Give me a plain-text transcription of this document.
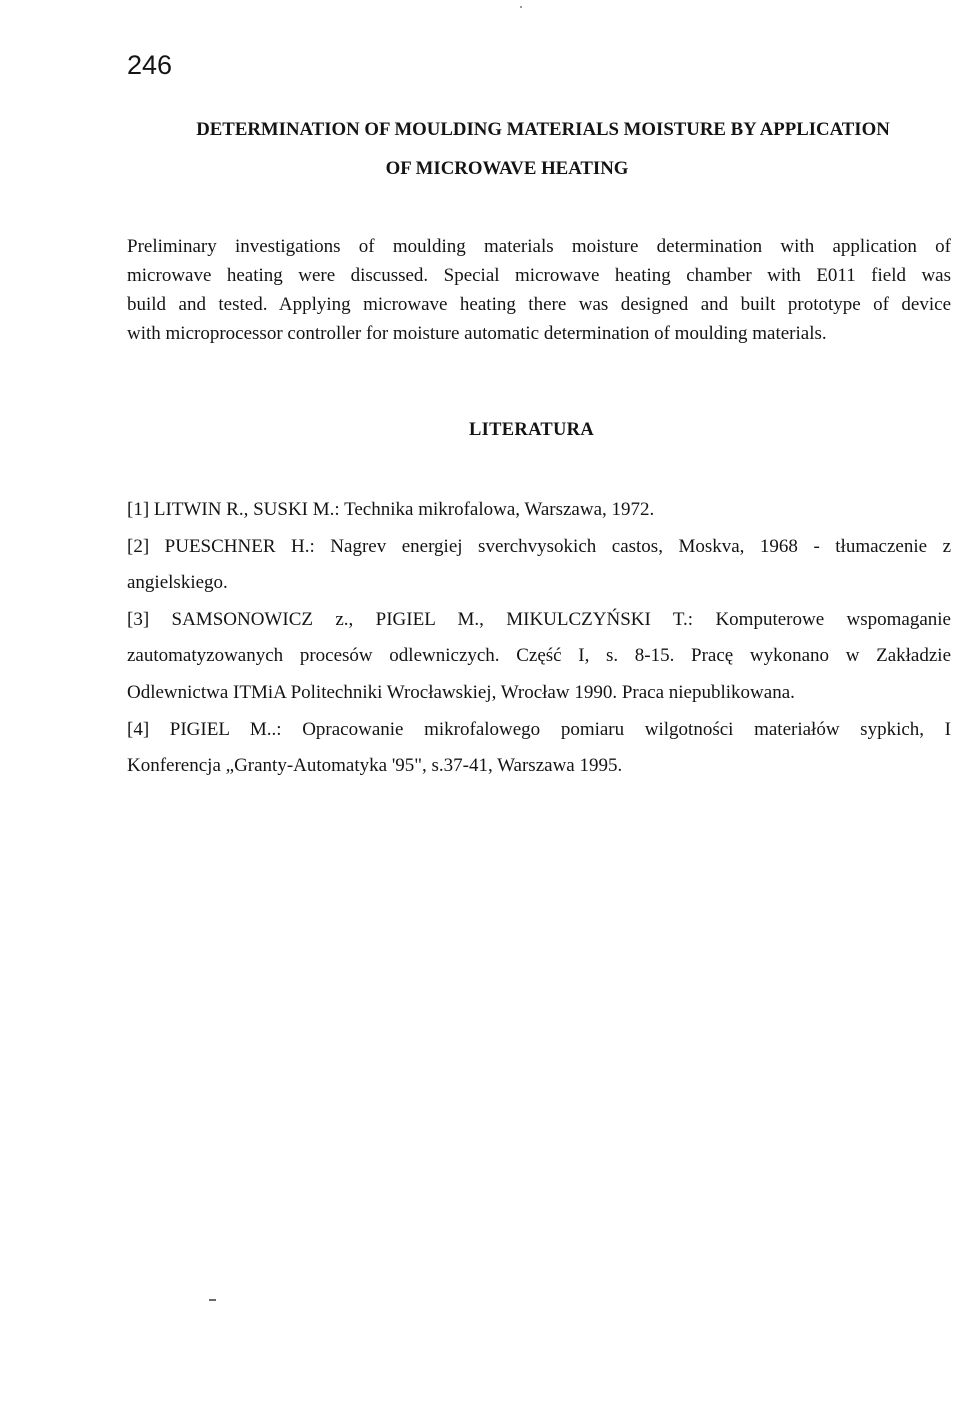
246
DETERMINATION OF MOULDING MATERIALS MOISTURE BY APPLICATION
OF MICROWAVE HEATING
Preliminary investigations of moulding materials moisture determination with application of
microwave heating were discussed. Special microwave heating chamber with E011 field was
build and tested. Applying microwave heating there was designed and built prototype of device
with microprocessor controller for moisture automatic determination of moulding materials.
LITERATURA
[1] LITWIN R., SUSKI M.: Technika mikrofalowa, Warszawa, 1972.
[2] PUESCHNER H.: Nagrev energiej sverchvysokich castos, Moskva, 1968 - tłumaczenie z
angielskiego.
[3] SAMSONOWICZ z., PIGIEL M., MIKULCZYŃSKI T.: Komputerowe wspomaganie
zautomatyzowanych procesów odlewniczych. Część I, s. 8-15. Pracę wykonano w Zakładzie
Odlewnictwa ITMiA Politechniki Wrocławskiej, Wrocław 1990. Praca niepublikowana.
[4] PIGIEL M..: Opracowanie mikrofalowego pomiaru wilgotności materiałów sypkich, I
Konferencja „Granty-Automatyka '95", s.37-41, Warszawa 1995.
